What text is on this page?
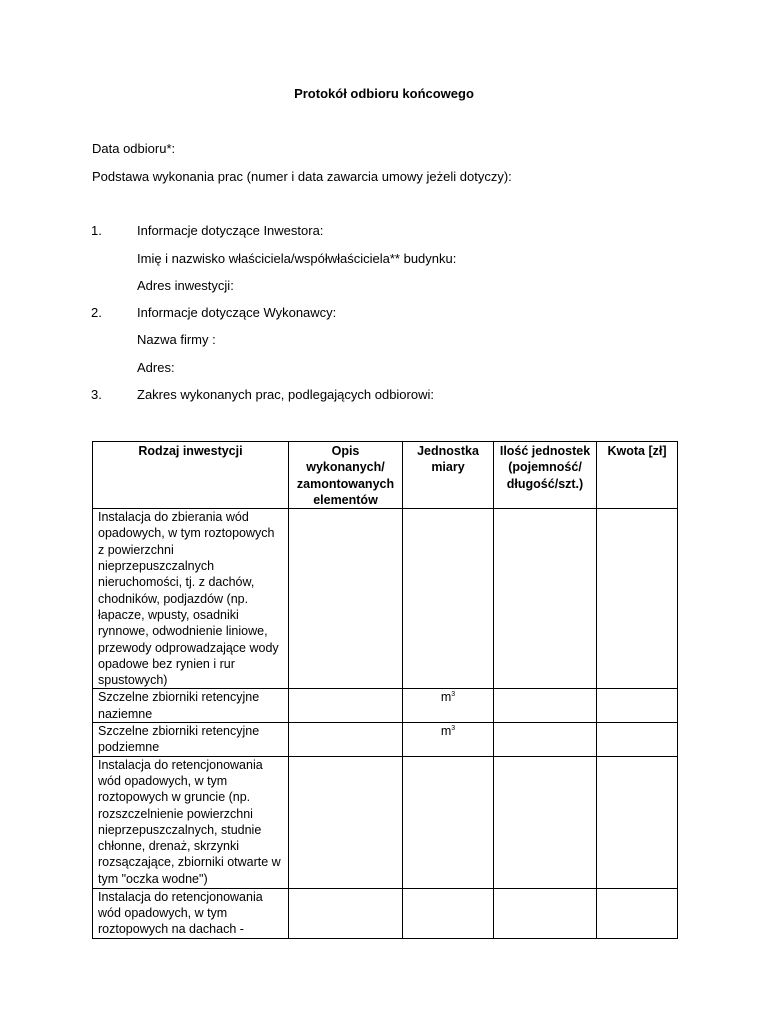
Protokół odbioru końcowego
Data odbioru*:
Podstawa wykonania prac (numer i data zawarcia umowy jeżeli dotyczy):
1.	Informacje dotyczące Inwestora:
Imię i nazwisko właściciela/współwłaściciela** budynku:
Adres inwestycji:
2.	Informacje dotyczące Wykonawcy:
Nazwa firmy :
Adres:
3.	Zakres wykonanych prac, podlegających odbiorowi:
Rodzaj inwestycji	Opis wykonanych/ zamontowanych elementów	Jednostka miary	Ilość jednostek (pojemność/ długość/szt.)	Kwota [zł]
Instalacja do zbierania wód opadowych, w tym roztopowych z powierzchni nieprzepuszczalnych nieruchomości, tj. z dachów, chodników, podjazdów (np. łapacze, wpusty, osadniki rynnowe, odwodnienie liniowe, przewody odprowadzające wody opadowe bez rynien i rur spustowych)				
Szczelne zbiorniki retencyjne naziemne		$m^3$		
Szczelne zbiorniki retencyjne podziemne		$m^3$		
Instalacja do retencjonowania wód opadowych, w tym roztopowych w gruncie (np. rozszczelnienie powierzchni nieprzepuszczalnych, studnie chłonne, drenaż, skrzynki rozsączające, zbiorniki otwarte w tym "oczka wodne")				
Instalacja do retencjonowania wód opadowych, w tym roztopowych na dachach -				
